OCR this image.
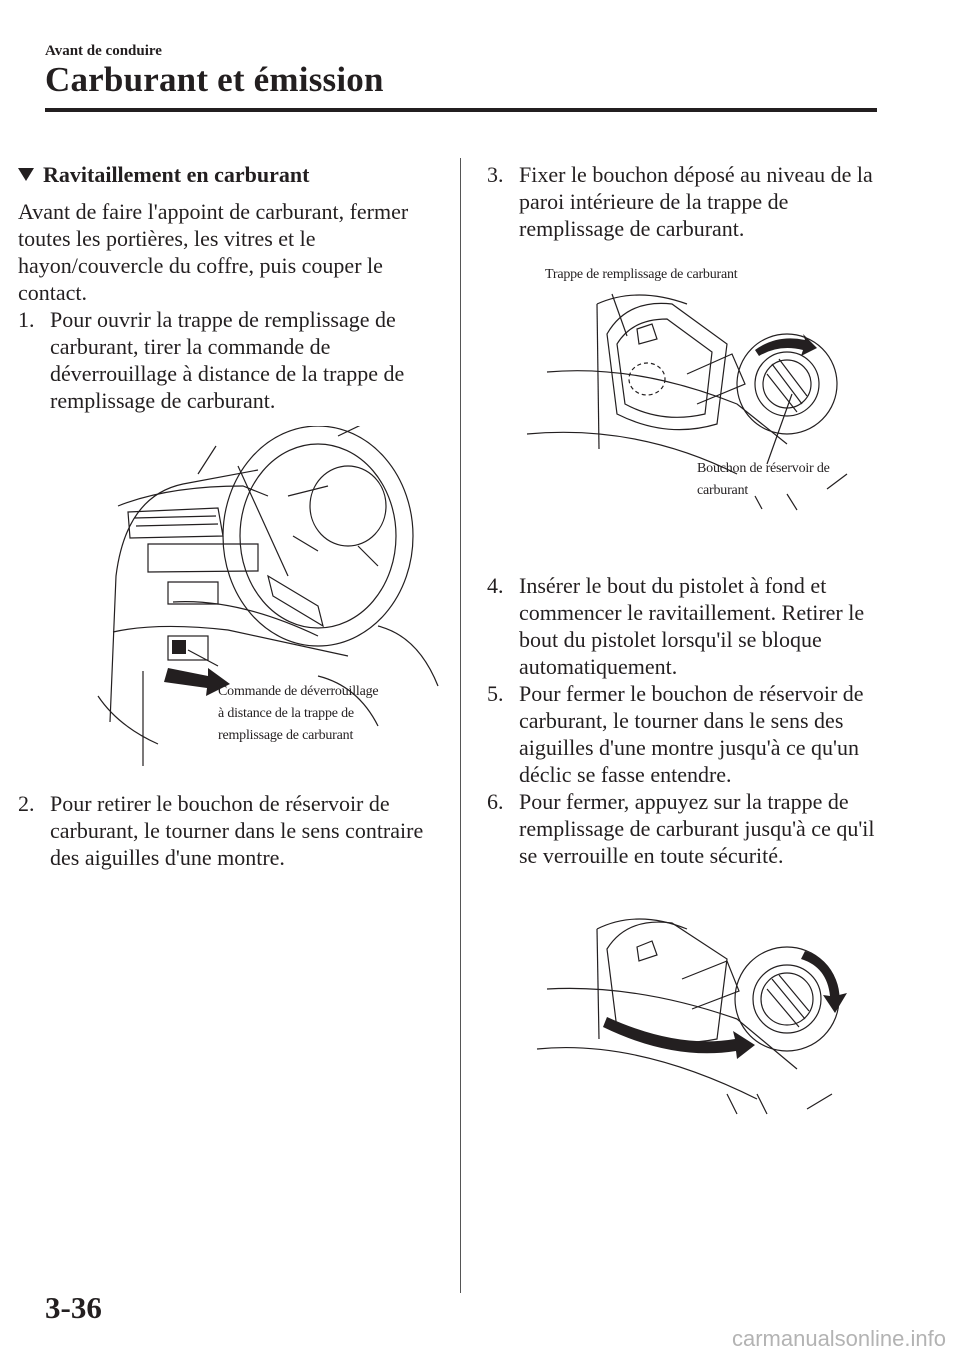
Avant de conduire
Carburant et émission
Ravitaillement en carburant
Avant de faire l'appoint de carburant, fermer toutes les portières, les vitres et le hayon/couvercle du coffre, puis couper le contact.
1. Pour ouvrir la trappe de remplissage de carburant, tirer la commande de déverrouillage à distance de la trappe de remplissage de carburant.
Commande de déverrouillage
à distance de la trappe de
remplissage de carburant
2. Pour retirer le bouchon de réservoir de carburant, le tourner dans le sens contraire des aiguilles d'une montre.
3. Fixer le bouchon déposé au niveau de la paroi intérieure de la trappe de remplissage de carburant.
Trappe de remplissage de carburant
Bouchon de réservoir de
carburant
4. Insérer le bout du pistolet à fond et commencer le ravitaillement. Retirer le bout du pistolet lorsqu'il se bloque automatiquement.
5. Pour fermer le bouchon de réservoir de carburant, le tourner dans le sens des aiguilles d'une montre jusqu'à ce qu'un déclic se fasse entendre.
6. Pour fermer, appuyez sur la trappe de remplissage de carburant jusqu'à ce qu'il se verrouille en toute sécurité.
3-36
carmanualsonline.info
